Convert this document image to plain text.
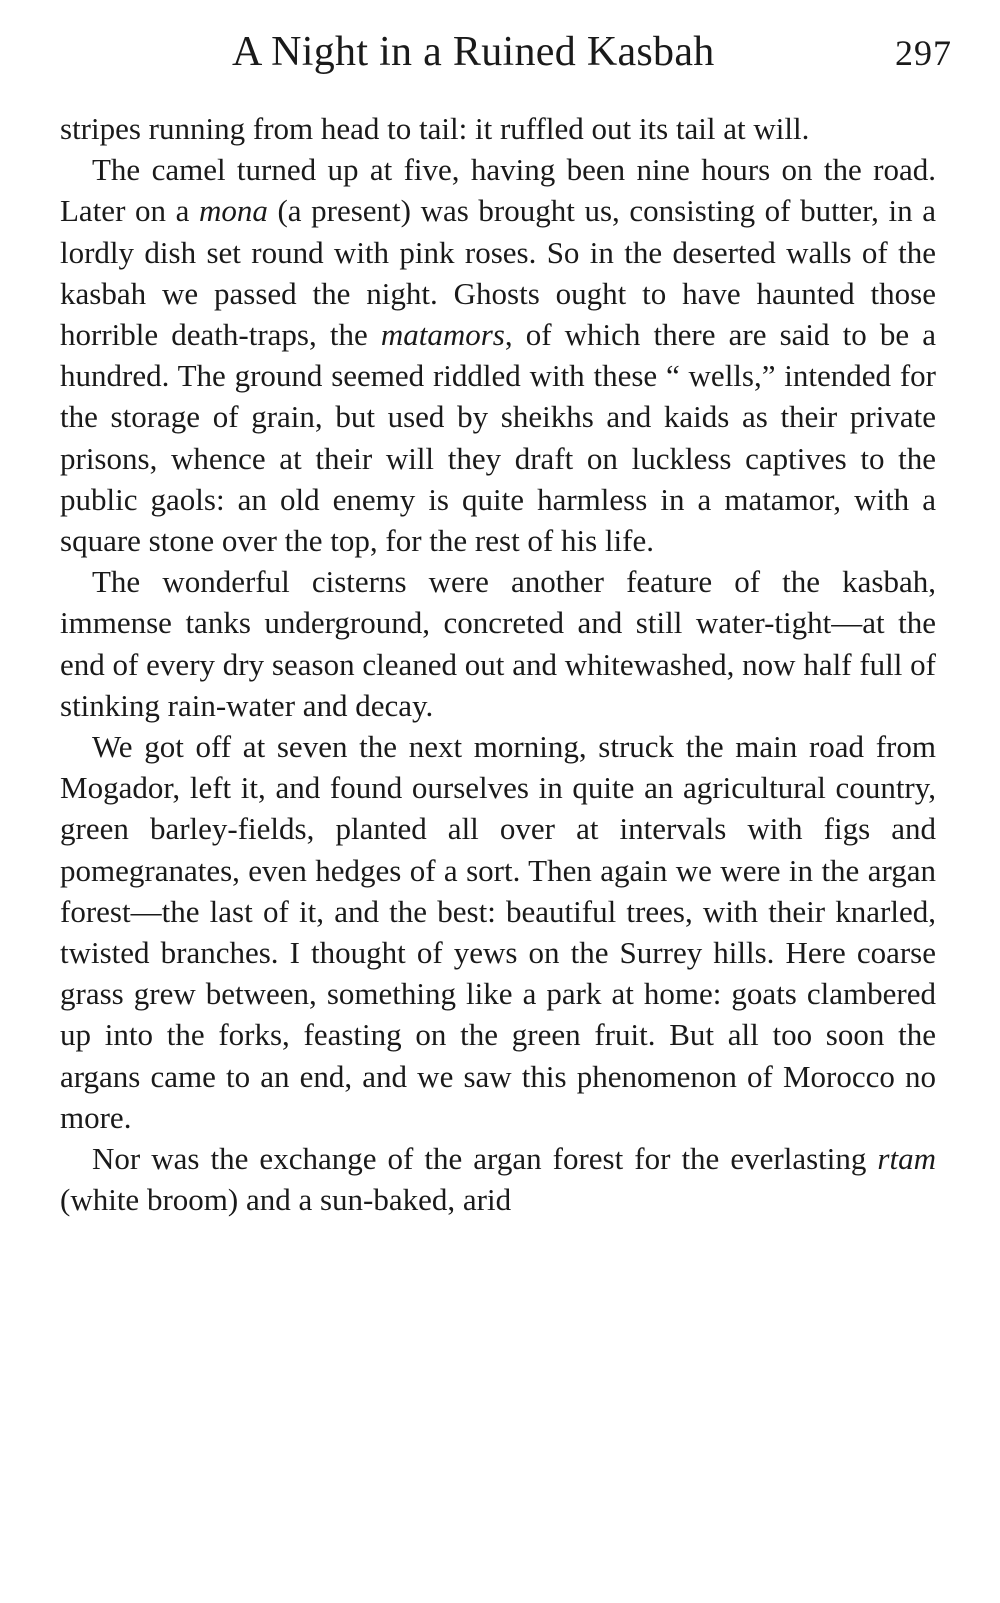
A Night in a Ruined Kasbah	297

stripes running from head to tail: it ruffled out its tail at will.

The camel turned up at five, having been nine hours on the road. Later on a mona (a present) was brought us, consisting of butter, in a lordly dish set round with pink roses. So in the deserted walls of the kasbah we passed the night. Ghosts ought to have haunted those horrible death-traps, the matamors, of which there are said to be a hundred. The ground seemed riddled with these “ wells,” intended for the storage of grain, but used by sheikhs and kaids as their private prisons, whence at their will they draft on luckless captives to the public gaols: an old enemy is quite harmless in a matamor, with a square stone over the top, for the rest of his life.

The wonderful cisterns were another feature of the kasbah, immense tanks underground, concreted and still water-tight—at the end of every dry season cleaned out and whitewashed, now half full of stinking rain-water and decay.

We got off at seven the next morning, struck the main road from Mogador, left it, and found ourselves in quite an agricultural country, green barley-fields, planted all over at intervals with figs and pomegranates, even hedges of a sort. Then again we were in the argan forest—the last of it, and the best: beautiful trees, with their knarled, twisted branches. I thought of yews on the Surrey hills. Here coarse grass grew between, something like a park at home: goats clambered up into the forks, feasting on the green fruit. But all too soon the argans came to an end, and we saw this phenomenon of Morocco no more.

Nor was the exchange of the argan forest for the everlasting rtam (white broom) and a sun-baked, arid
